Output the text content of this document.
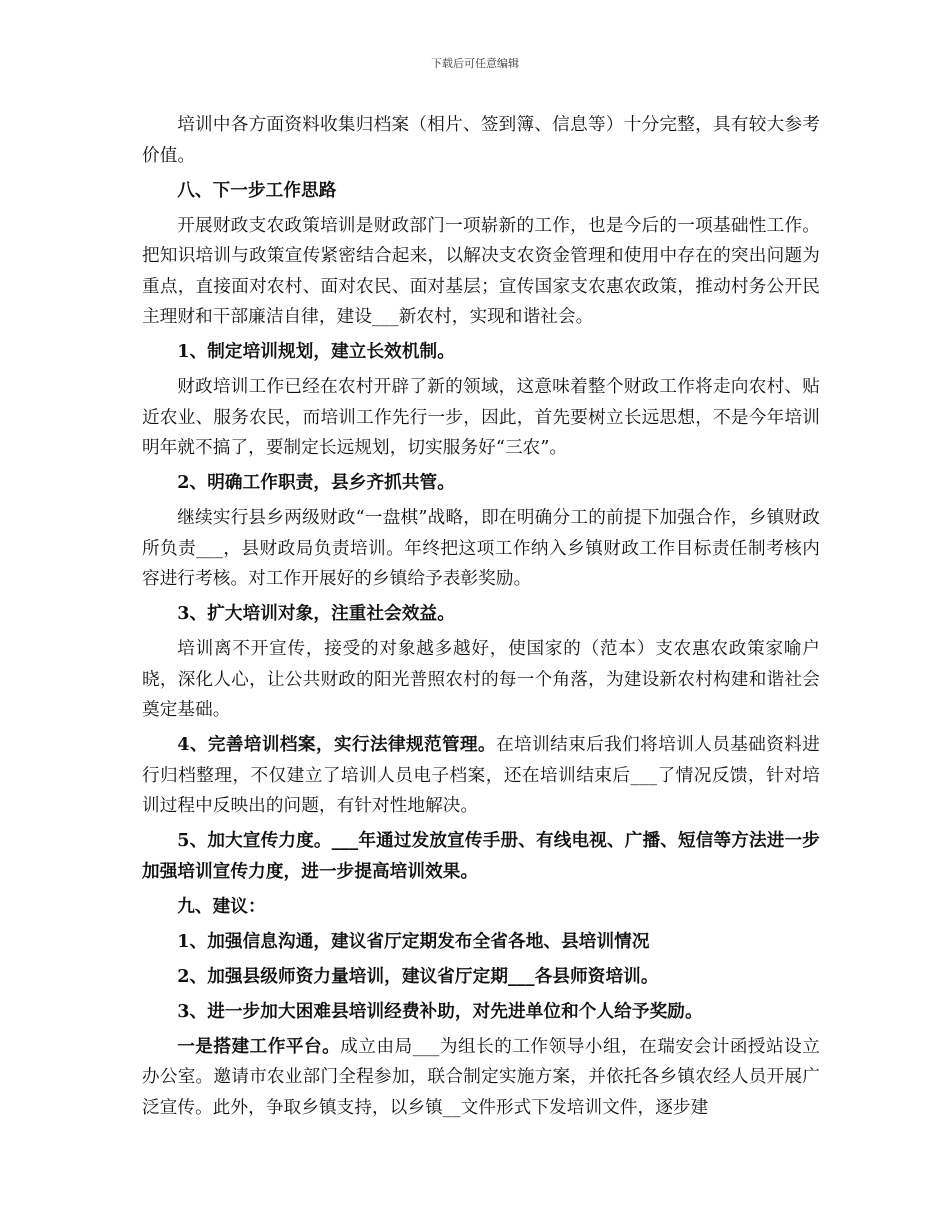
下载后可任意编辑

培训中各方面资料收集归档案（相片、签到簿、信息等）十分完整，具有较大参考价值。

八、下一步工作思路

开展财政支农政策培训是财政部门一项崭新的工作，也是今后的一项基础性工作。把知识培训与政策宣传紧密结合起来，以解决支农资金管理和使用中存在的突出问题为重点，直接面对农村、面对农民、面对基层；宣传国家支农惠农政策，推动村务公开民主理财和干部廉洁自律，建设___新农村，实现和谐社会。

1、制定培训规划，建立长效机制。

财政培训工作已经在农村开辟了新的领域，这意味着整个财政工作将走向农村、贴近农业、服务农民，而培训工作先行一步，因此，首先要树立长远思想，不是今年培训明年就不搞了，要制定长远规划，切实服务好“三农”。

2、明确工作职责，县乡齐抓共管。

继续实行县乡两级财政“一盘棋”战略，即在明确分工的前提下加强合作，乡镇财政所负责___，县财政局负责培训。年终把这项工作纳入乡镇财政工作目标责任制考核内容进行考核。对工作开展好的乡镇给予表彰奖励。

3、扩大培训对象，注重社会效益。

培训离不开宣传，接受的对象越多越好，使国家的（范本）支农惠农政策家喻户晓，深化人心，让公共财政的阳光普照农村的每一个角落，为建设新农村构建和谐社会奠定基础。

4、完善培训档案，实行法律规范管理。在培训结束后我们将培训人员基础资料进行归档整理，不仅建立了培训人员电子档案，还在培训结束后___了情况反馈，针对培训过程中反映出的问题，有针对性地解决。

5、加大宣传力度。___年通过发放宣传手册、有线电视、广播、短信等方法进一步加强培训宣传力度，进一步提高培训效果。

九、建议：

1、加强信息沟通，建议省厅定期发布全省各地、县培训情况

2、加强县级师资力量培训，建议省厅定期___各县师资培训。

3、进一步加大困难县培训经费补助，对先进单位和个人给予奖励。

一是搭建工作平台。成立由局___为组长的工作领导小组，在瑞安会计函授站设立办公室。邀请市农业部门全程参加，联合制定实施方案，并依托各乡镇农经人员开展广泛宣传。此外，争取乡镇支持，以乡镇__文件形式下发培训文件，逐步建
